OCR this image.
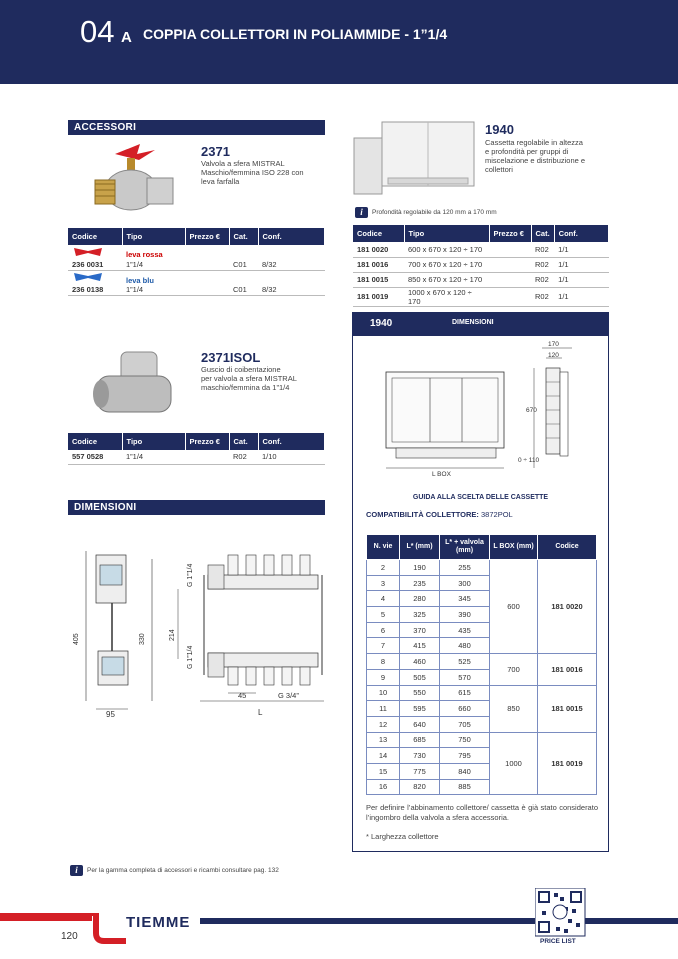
04 A COPPIA COLLETTORI IN POLIAMMIDE - 1”1/4
ACCESSORI
2371
Valvola a sfera MISTRAL
Maschio/femmina ISO 228 con
leva farfalla
Codice	Tipo	Prezzo €	Cat.	Conf.
	leva rossa			
236 0031	1”1/4		C01	8/32
	leva blu			
236 0138	1”1/4		C01	8/32
2371ISOL
Guscio di coibentazione
per valvola a sfera MISTRAL
maschio/femmina da 1”1/4
Codice	Tipo	Prezzo €	Cat.	Conf.
557 0528	1”1/4		R02	1/10
DIMENSIONI
405	330
95
214
G 1”1/4
G 1”1/4
45	G 3/4”
L
1940
Cassetta regolabile in altezza
e profondità per gruppi di
miscelazione e distribuzione e
collettori
i Profondità regolabile da 120 mm a 170 mm
Codice	Tipo	Prezzo €	Cat.	Conf.
181 0020	600 x 670 x 120 ÷ 170		R02	1/1
181 0016	700 x 670 x 120 ÷ 170		R02	1/1
181 0015	850 x 670 x 120 ÷ 170		R02	1/1
181 0019	1000 x 670 x 120 ÷ 170		R02	1/1
1940	DIMENSIONI
170
120
670
0 ÷ 110
L BOX
GUIDA ALLA SCELTA DELLE CASSETTE
COMPATIBILITÀ COLLETTORE: 3872POL
N. vie	L* (mm)	L* + valvola (mm)	L BOX (mm)	Codice
2	190	255	600	181 0020
3	235	300		
4	280	345		
5	325	390		
6	370	435		
7	415	480		
8	460	525	700	181 0016
9	505	570		
10	550	615	850	181 0015
11	595	660		
12	640	705		
13	685	750	1000	181 0019
14	730	795		
15	775	840		
16	820	885		
Per definire l’abbinamento collettore/ cassetta è già stato considerato l’ingombro della valvola a sfera accessoria.
* Larghezza collettore
i Per la gamma completa di accessori e ricambi consultare pag. 132
TIEMME
120	PRICE LIST
